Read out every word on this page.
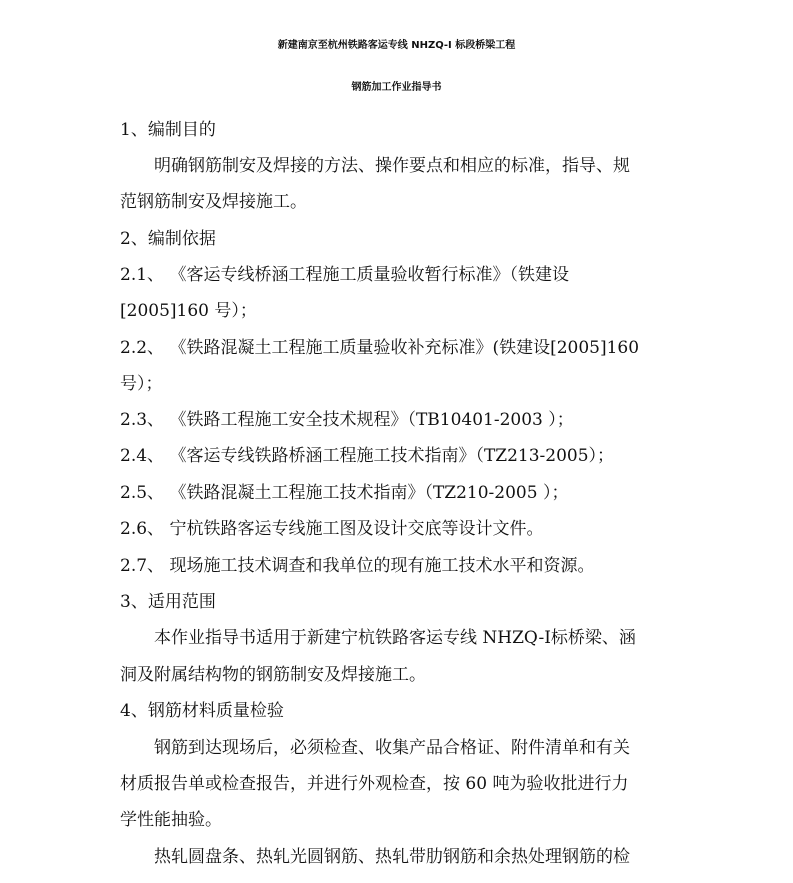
新建南京至杭州铁路客运专线 NHZQ-I 标段桥梁工程
钢筋加工作业指导书
1、编制目的
明确钢筋制安及焊接的方法、操作要点和相应的标准，指导、规
范钢筋制安及焊接施工。
2、编制依据
2.1、 《客运专线桥涵工程施工质量验收暂行标准》（铁建设
[2005]160 号）；
2.2、 《铁路混凝土工程施工质量验收补充标准》(铁建设[2005]160
号）；
2.3、 《铁路工程施工安全技术规程》（TB10401-2003 ）；
2.4、 《客运专线铁路桥涵工程施工技术指南》（TZ213-2005）；
2.5、 《铁路混凝土工程施工技术指南》（TZ210-2005 ）；
2.6、 宁杭铁路客运专线施工图及设计交底等设计文件。
2.7、 现场施工技术调查和我单位的现有施工技术水平和资源。
3、适用范围
本作业指导书适用于新建宁杭铁路客运专线 NHZQ-Ⅰ标桥梁、涵
洞及附属结构物的钢筋制安及焊接施工。
4、钢筋材料质量检验
钢筋到达现场后，必须检查、收集产品合格证、附件清单和有关
材质报告单或检查报告，并进行外观检查，按 60 吨为验收批进行力
学性能抽验。
热轧圆盘条、热轧光圆钢筋、热轧带肋钢筋和余热处理钢筋的检
